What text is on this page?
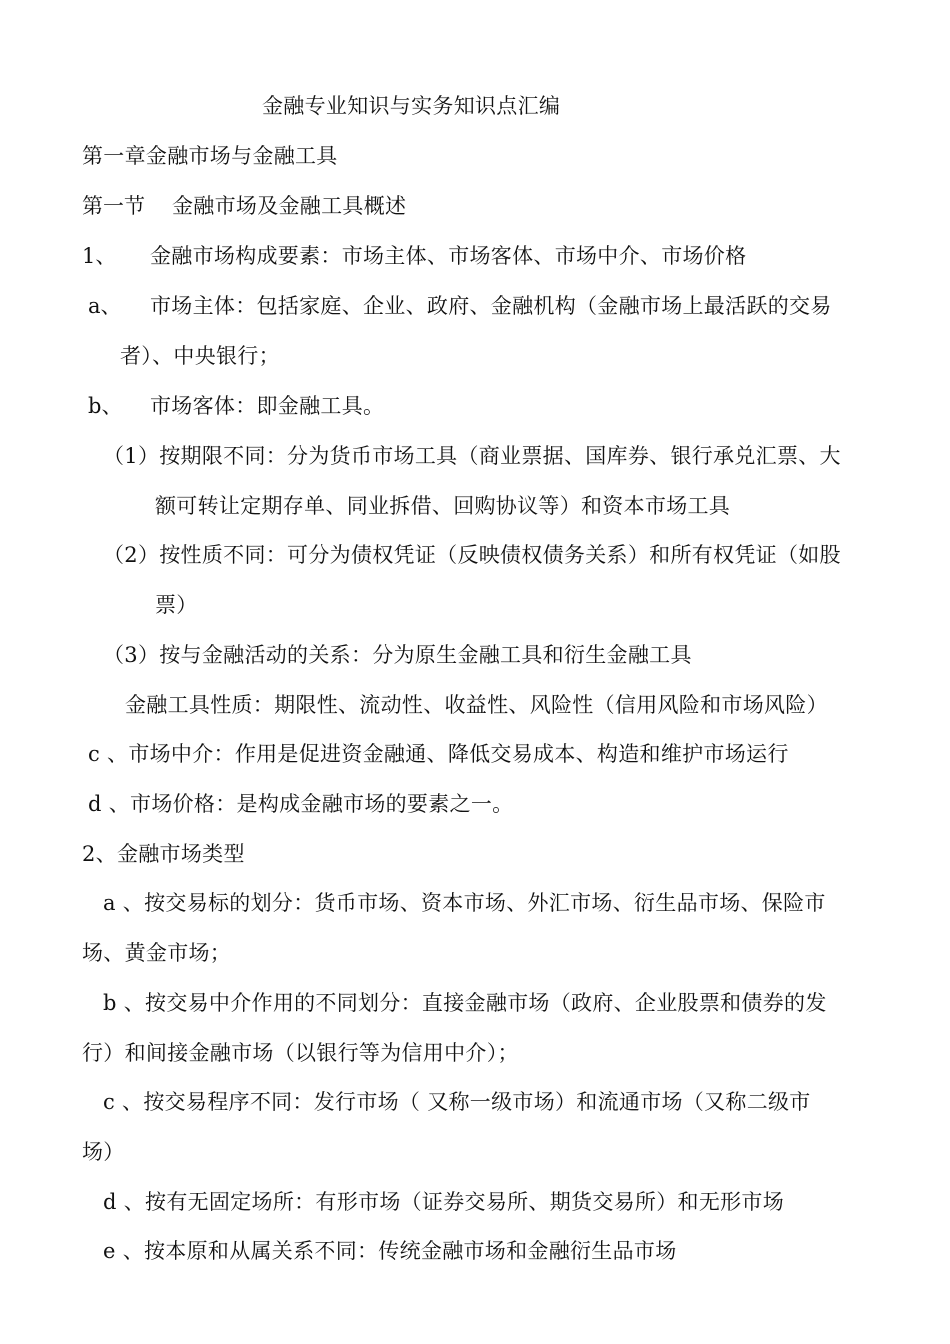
金融专业知识与实务知识点汇编
第一章金融市场与金融工具
第一节 金融市场及金融工具概述
1、 金融市场构成要素：市场主体、市场客体、市场中介、市场价格
a、 市场主体：包括家庭、企业、政府、金融机构（金融市场上最活跃的交易
者）、中央银行；
b、 市场客体：即金融工具。
（1）按期限不同：分为货币市场工具（商业票据、国库券、银行承兑汇票、大
额可转让定期存单、同业拆借、回购协议等）和资本市场工具
（2）按性质不同：可分为债权凭证（反映债权债务关系）和所有权凭证（如股
票）
（3）按与金融活动的关系：分为原生金融工具和衍生金融工具
金融工具性质：期限性、流动性、收益性、风险性（信用风险和市场风险）
c 、市场中介：作用是促进资金融通、降低交易成本、构造和维护市场运行
d 、市场价格：是构成金融市场的要素之一。
2、金融市场类型
a 、按交易标的划分：货币市场、资本市场、外汇市场、衍生品市场、保险市
场、黄金市场；
b 、按交易中介作用的不同划分：直接金融市场（政府、企业股票和债券的发
行）和间接金融市场（以银行等为信用中介）；
c 、按交易程序不同：发行市场（ 又称一级市场）和流通市场（又称二级市
场）
d 、按有无固定场所：有形市场（证券交易所、期货交易所）和无形市场
e 、按本原和从属关系不同：传统金融市场和金融衍生品市场
